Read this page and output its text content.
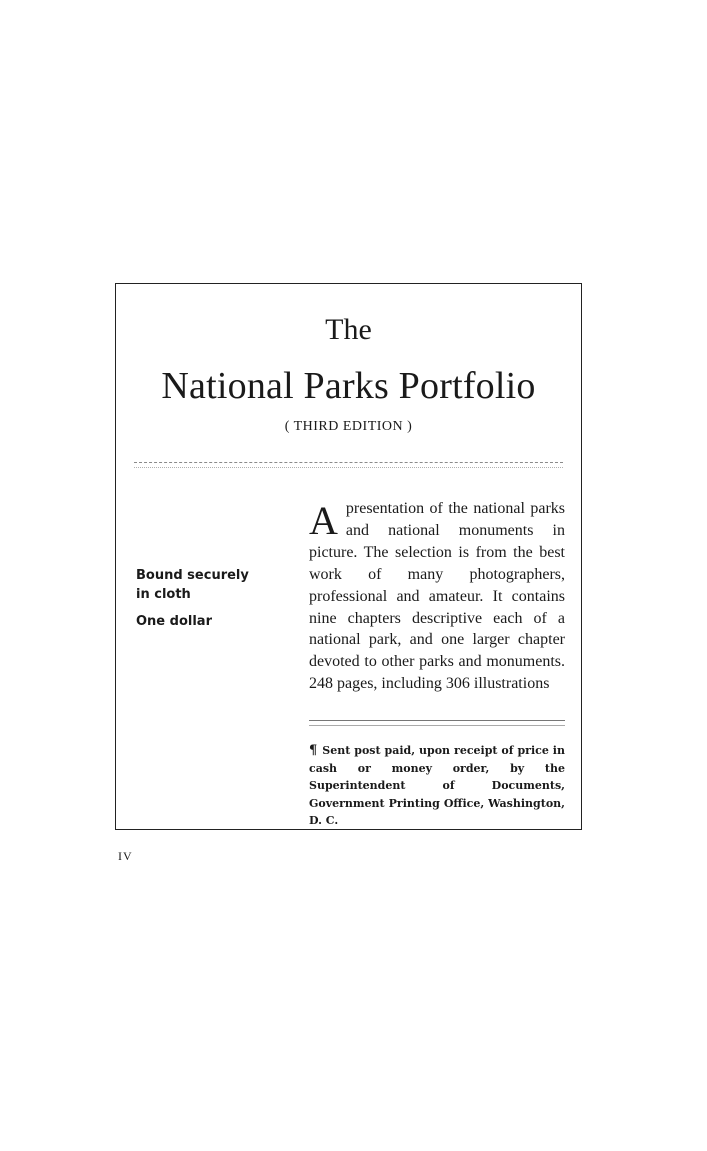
The
National Parks Portfolio
( THIRD EDITION )
Bound securely
in cloth
One dollar
A presentation of the national parks and national monuments in picture. The selection is from the best work of many photographers, professional and amateur. It contains nine chapters descriptive each of a national park, and one larger chapter devoted to other parks and monuments. 248 pages, including 306 illustrations
¶ Sent post paid, upon receipt of price in cash or money order, by the Superintendent of Documents, Government Printing Office, Washington, D. C.
IV
